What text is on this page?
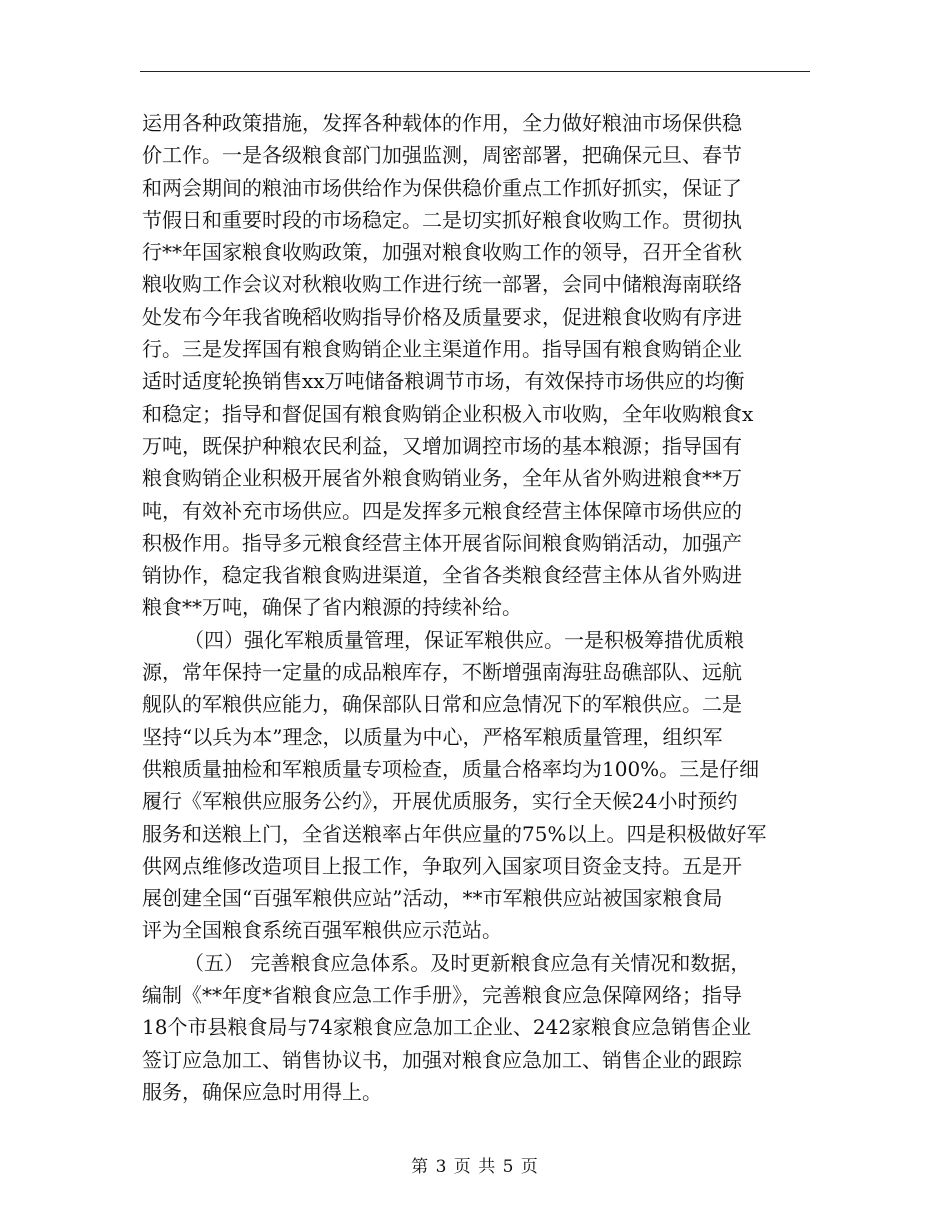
运用各种政策措施，发挥各种载体的作用，全力做好粮油市场保供稳
价工作。一是各级粮食部门加强监测，周密部署，把确保元旦、春节
和两会期间的粮油市场供给作为保供稳价重点工作抓好抓实，保证了
节假日和重要时段的市场稳定。二是切实抓好粮食收购工作。贯彻执
行**年国家粮食收购政策，加强对粮食收购工作的领导，召开全省秋
粮收购工作会议对秋粮收购工作进行统一部署，会同中储粮海南联络
处发布今年我省晚稻收购指导价格及质量要求，促进粮食收购有序进
行。三是发挥国有粮食购销企业主渠道作用。指导国有粮食购销企业
适时适度轮换销售xx万吨储备粮调节市场，有效保持市场供应的均衡
和稳定；指导和督促国有粮食购销企业积极入市收购，全年收购粮食x
万吨，既保护种粮农民利益，又增加调控市场的基本粮源；指导国有
粮食购销企业积极开展省外粮食购销业务，全年从省外购进粮食**万
吨，有效补充市场供应。四是发挥多元粮食经营主体保障市场供应的
积极作用。指导多元粮食经营主体开展省际间粮食购销活动，加强产
销协作，稳定我省粮食购进渠道，全省各类粮食经营主体从省外购进
粮食**万吨，确保了省内粮源的持续补给。
（四）强化军粮质量管理，保证军粮供应。一是积极筹措优质粮
源，常年保持一定量的成品粮库存，不断增强南海驻岛礁部队、远航
舰队的军粮供应能力，确保部队日常和应急情况下的军粮供应。二是
坚持“以兵为本”理念，以质量为中心，严格军粮质量管理，组织军
供粮质量抽检和军粮质量专项检查，质量合格率均为100%。三是仔细
履行《军粮供应服务公约》，开展优质服务，实行全天候24小时预约
服务和送粮上门，全省送粮率占年供应量的75%以上。四是积极做好军
供网点维修改造项目上报工作，争取列入国家项目资金支持。五是开
展创建全国“百强军粮供应站”活动，**市军粮供应站被国家粮食局
评为全国粮食系统百强军粮供应示范站。
（五） 完善粮食应急体系。及时更新粮食应急有关情况和数据，
编制《**年度*省粮食应急工作手册》，完善粮食应急保障网络；指导
18个市县粮食局与74家粮食应急加工企业、242家粮食应急销售企业
签订应急加工、销售协议书，加强对粮食应急加工、销售企业的跟踪
服务，确保应急时用得上。
第 3 页 共 5 页
